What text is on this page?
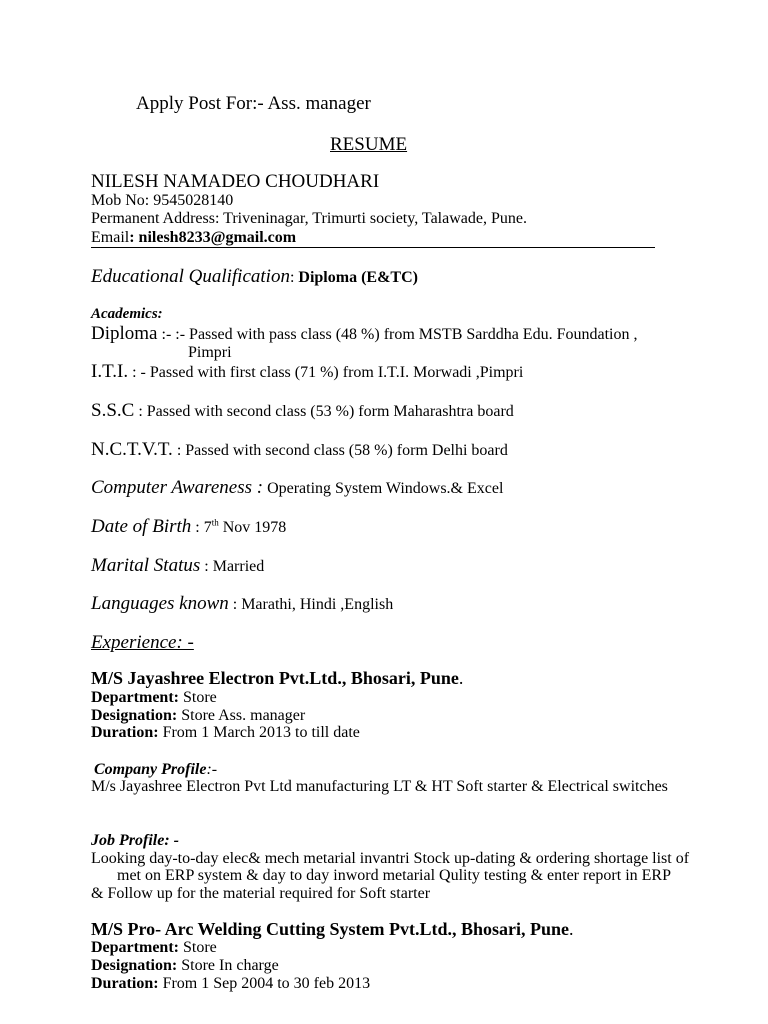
Apply Post For:- Ass. manager
RESUME
NILESH NAMADEO CHOUDHARI
Mob No: 9545028140
Permanent Address: Triveninagar, Trimurti society, Talawade, Pune.
Email: nilesh8233@gmail.com
Educational Qualification: Diploma (E&TC)
Academics:
Diploma :- :- Passed with pass class (48 %) from MSTB Sarddha Edu. Foundation ,
Pimpri
I.T.I. : - Passed with first class (71 %) from I.T.I. Morwadi ,Pimpri
S.S.C : Passed with second class (53 %) form Maharashtra board
N.C.T.V.T. : Passed with second class (58 %) form Delhi board
Computer Awareness : Operating System Windows.& Excel
Date of Birth : 7th Nov 1978
Marital Status : Married
Languages known : Marathi, Hindi ,English
Experience: -
M/S Jayashree Electron Pvt.Ltd., Bhosari, Pune.
Department: Store
Designation: Store Ass. manager
Duration: From 1 March 2013 to till date
Company Profile:-
M/s Jayashree Electron Pvt Ltd manufacturing LT & HT Soft starter & Electrical switches
Job Profile: -
Looking day-to-day elec& mech metarial invantri Stock up-dating & ordering shortage list of
met on ERP system & day to day inword metarial Qulity testing & enter report in ERP
& Follow up for the material required for Soft starter
M/S Pro- Arc Welding Cutting System Pvt.Ltd., Bhosari, Pune.
Department: Store
Designation: Store In charge
Duration: From 1 Sep 2004 to 30 feb 2013
